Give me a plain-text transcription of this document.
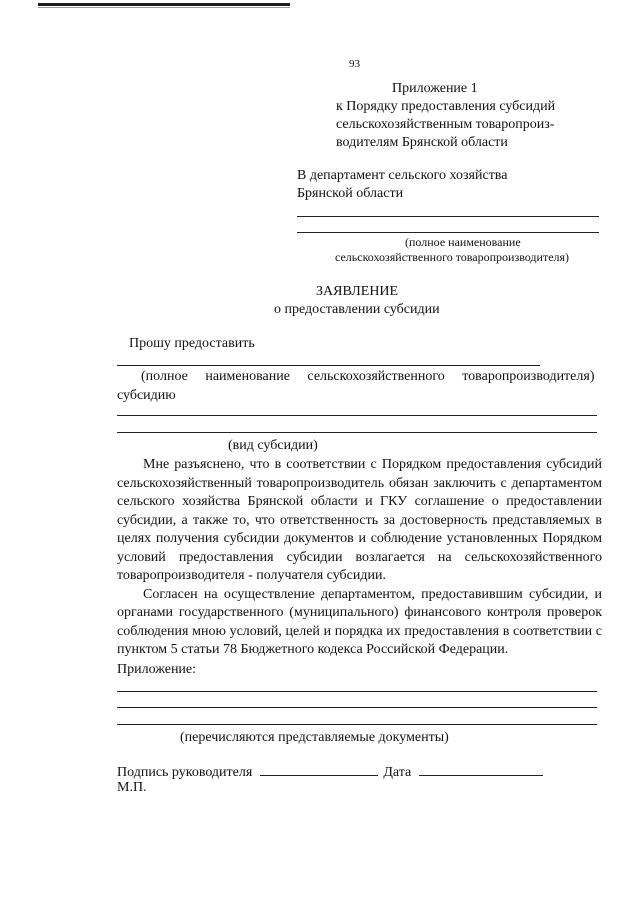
93
Приложение 1
к Порядку предоставления субсидий
сельскохозяйственным товаропроиз-
водителям Брянской области
В департамент сельского хозяйства
Брянской области
(полное наименование
сельскохозяйственного товаропроизводителя)
ЗАЯВЛЕНИЕ
о предоставлении субсидии
Прошу предоставить
(полное наименование сельскохозяйственного товаропроизводителя)
субсидию
(вид субсидии)

Мне разъяснено, что в соответствии с Порядком предоставления субсидий сельскохозяйственный товаропроизводитель обязан заключить с департаментом сельского хозяйства Брянской области и ГКУ соглашение о предоставлении субсидии, а также то, что ответственность за достоверность представляемых в целях получения субсидии документов и соблюдение установленных Порядком условий предоставления субсидии возлагается на сельскохозяйственного товаропроизводителя - получателя субсидии.

Согласен на осуществление департаментом, предоставившим субсидии, и органами государственного (муниципального) финансового контроля проверок соблюдения мною условий, целей и порядка их предоставления в соответствии с пунктом 5 статьи 78 Бюджетного кодекса Российской Федерации.

Приложение:
(перечисляются представляемые документы)
Подпись руководителя	Дата
М.П.
